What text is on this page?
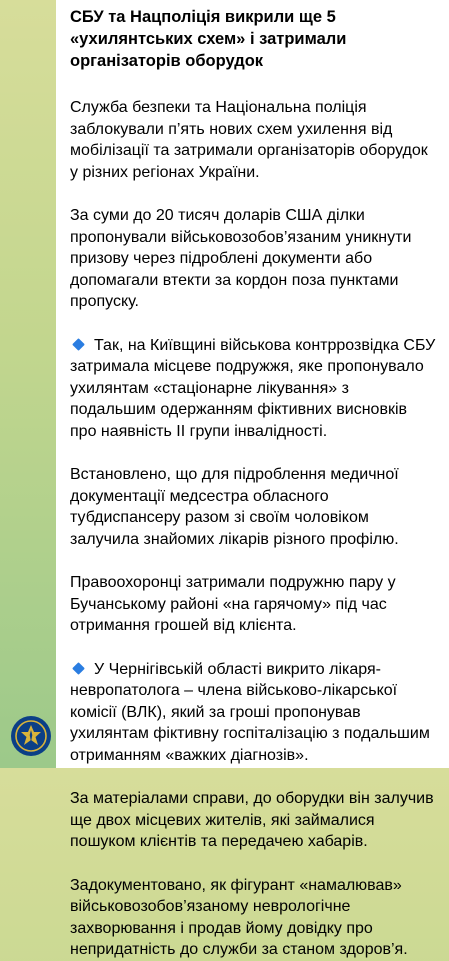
СБУ та Нацполіція викрили ще 5 «ухилянтських схем» і затримали організаторів оборудок

Служба безпеки та Національна поліція заблокували п’ять нових схем ухилення від мобілізації та затримали організаторів оборудок у різних регіонах України.

За суми до 20 тисяч доларів США ділки пропонували військовозобов’язаним уникнути призову через підроблені документи або допомагали втекти за кордон поза пунктами пропуску.

Так, на Київщині військова контррозвідка СБУ затримала місцеве подружжя, яке пропонувало ухилянтам «стаціонарне лікування» з подальшим одержанням фіктивних висновків про наявність ІІ групи інвалідності.

Встановлено, що для підроблення медичної документації медсестра обласного тубдиспансеру разом зі своїм чоловіком залучила знайомих лікарів різного профілю.

Правоохоронці затримали подружню пару у Бучанському районі «на гарячому» під час отримання грошей від клієнта.

У Чернігівській області викрито лікаря-невропатолога – члена військово-лікарської комісії (ВЛК), який за гроші пропонував ухилянтам фіктивну госпіталізацію з подальшим отриманням «важких діагнозів».

За матеріалами справи, до оборудки він залучив ще двох місцевих жителів, які займалися пошуком клієнтів та передачею хабарів.

Задокументовано, як фігурант «намалював» військовозобов’язаному неврологічне захворювання і продав йому довідку про непридатність до служби за станом здоров’я.
